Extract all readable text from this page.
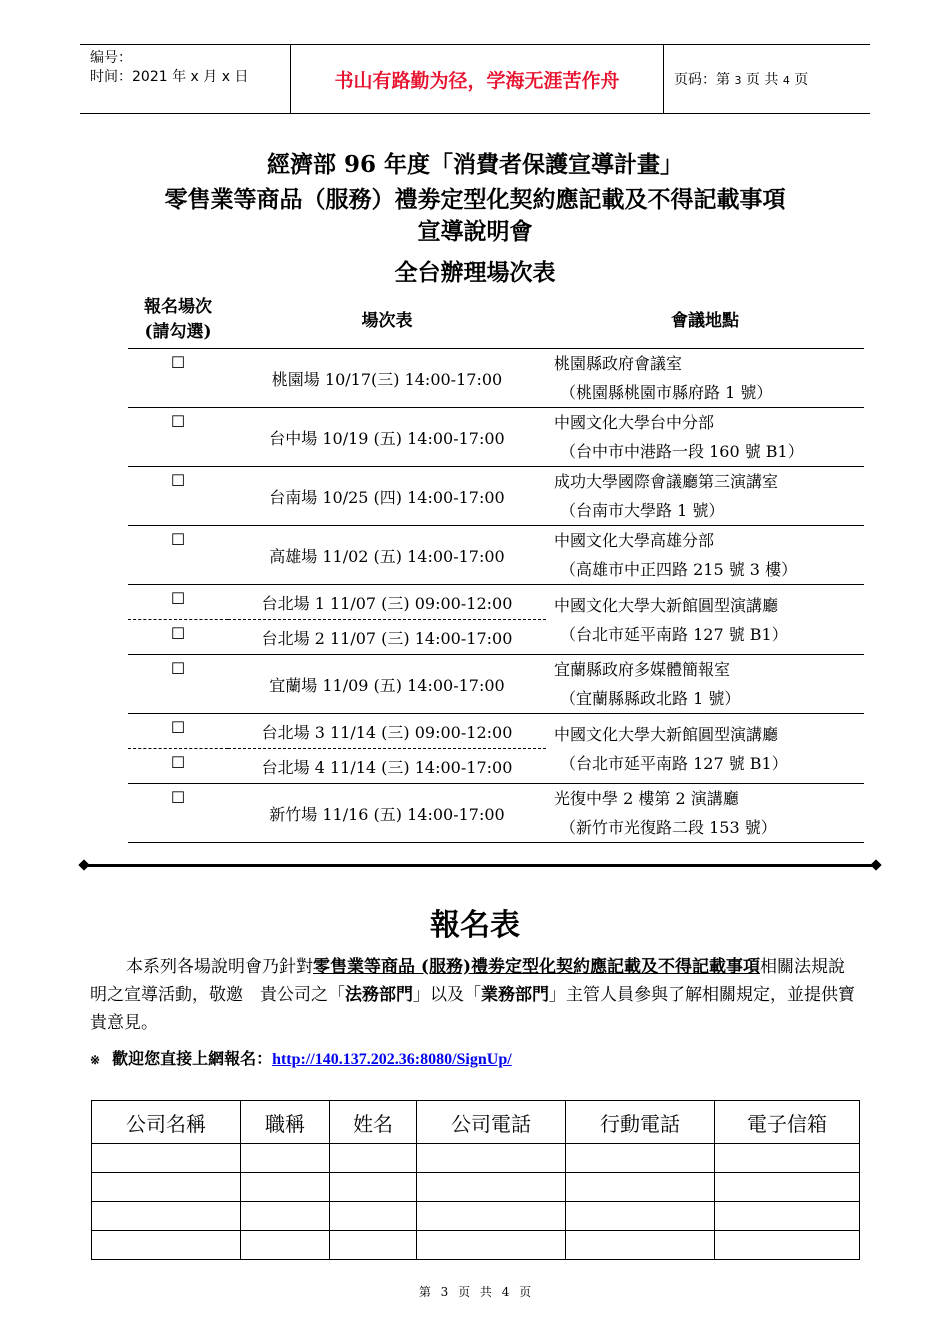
编号：
时间：2021 年 x 月 x 日	书山有路勤为径，学海无涯苦作舟	页码：第 3 页 共 4 页
經濟部 96 年度「消費者保護宣導計畫」
零售業等商品（服務）禮劵定型化契約應記載及不得記載事項
宣導說明會
全台辦理場次表
報名場次
(請勾選)	場次表	會議地點
☐	桃園場 10/17(三) 14:00-17:00	桃園縣政府會議室
（桃園縣桃園市縣府路 1 號）

☐	台中場 10/19 (五) 14:00-17:00	中國文化大學台中分部
（台中市中港路一段 160 號 B1）

☐	台南場 10/25 (四) 14:00-17:00	成功大學國際會議廳第三演講室
（台南市大學路 1 號）

☐	高雄場 11/02 (五) 14:00-17:00	中國文化大學高雄分部
（高雄市中正四路 215 號 3 樓）

☐	台北場 1 11/07 (三) 09:00-12:00	中國文化大學大新館圓型演講廳
（台北市延平南路 127 號 B1）

☐	台北場 2 11/07 (三) 14:00-17:00	
☐	宜蘭場 11/09 (五) 14:00-17:00	宜蘭縣政府多媒體簡報室
（宜蘭縣縣政北路 1 號）

☐	台北場 3 11/14 (三) 09:00-12:00	中國文化大學大新館圓型演講廳
（台北市延平南路 127 號 B1）

☐	台北場 4 11/14 (三) 14:00-17:00	
☐	新竹場 11/16 (五) 14:00-17:00	光復中學 2 樓第 2 演講廳
（新竹市光復路二段 153 號）
報名表
本系列各場說明會乃針對零售業等商品 (服務)禮劵定型化契約應記載及不得記載事項相關法規說明之宣導活動，敬邀　貴公司之「法務部門」以及「業務部門」主管人員參與了解相關規定，並提供寶貴意見。
※ 歡迎您直接上網報名：http://140.137.202.36:8080/SignUp/
公司名稱	職稱	姓名	公司電話	行動電話	電子信箱

第 3 页 共 4 页
